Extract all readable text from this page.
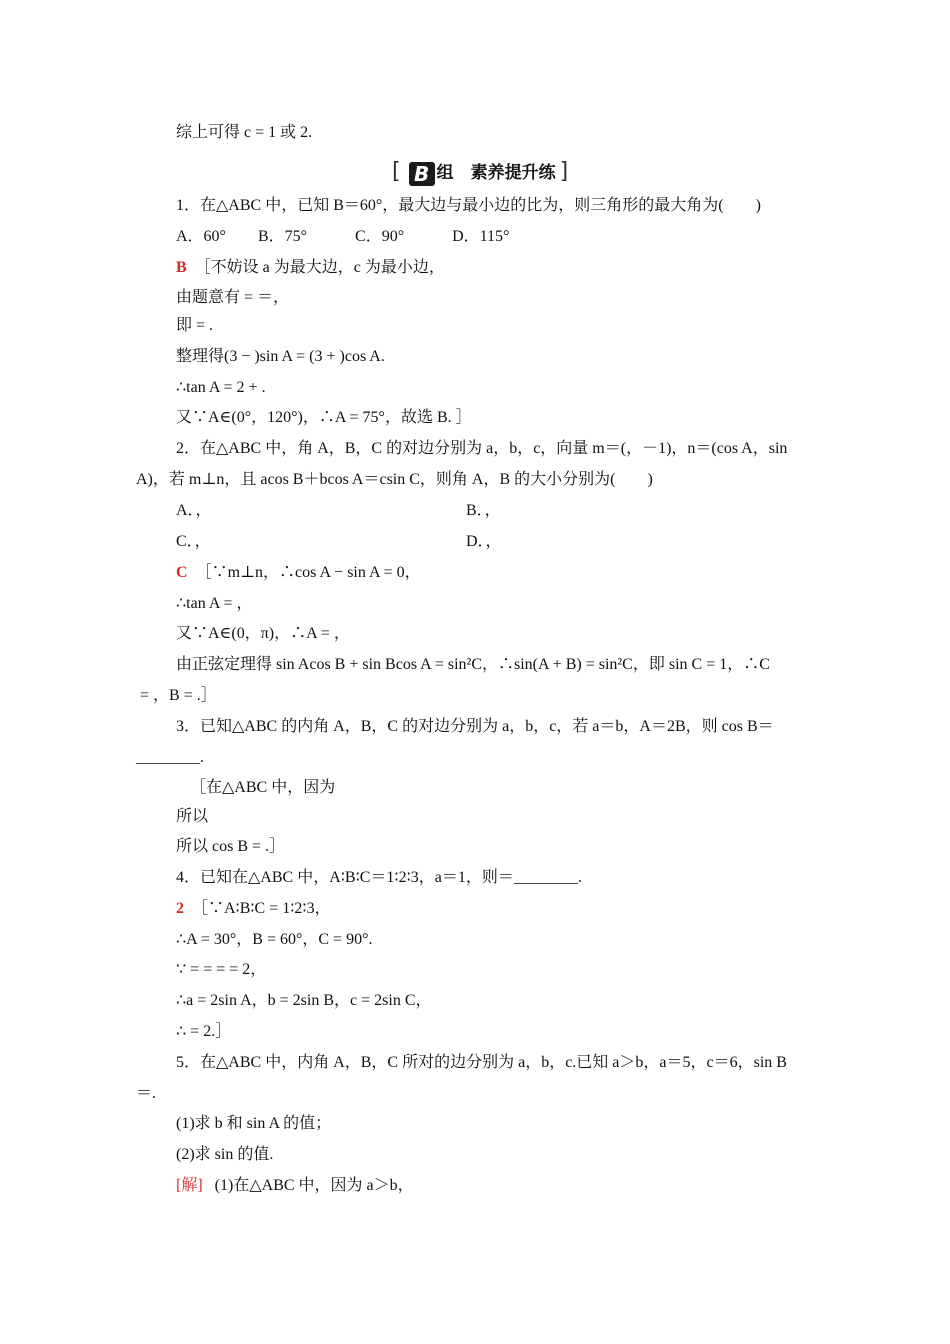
综上可得 c = 1 或 2.
[ B 组　素养提升练 ]
1．在△ABC 中，已知 B＝60°，最大边与最小边的比为，则三角形的最大角为(　　)
A．60°　　B．75°　　　C．90°　　　D．115°
B ［不妨设 a 为最大边，c 为最小边，
由题意有 = ＝，
即 = .
整理得(3 − )sin A = (3 + )cos A.
∴tan A = 2 + .
又∵A∈(0°，120°)，∴A = 75°，故选 B. ］
2．在△ABC 中，角 A，B，C 的对边分别为 a，b，c，向量 m＝(，－1)，n＝(cos A，sin
A)，若 m⊥n，且 acos B＋bcos A＝csin C，则角 A，B 的大小分别为(　　)
A．，	B．，
C．，	D．，
C ［∵m⊥n，∴cos A − sin A = 0，
∴tan A = ，
又∵A∈(0，π)，∴A = ，
由正弦定理得 sin Acos B + sin Bcos A = sin²C，∴sin(A + B) = sin²C，即 sin C = 1，∴C
= ，B = .］
3．已知△ABC 的内角 A，B，C 的对边分别为 a，b，c，若 a＝b，A＝2B，则 cos B＝
________.
［在△ABC 中，因为
所以
所以 cos B = .］
4．已知在△ABC 中，A∶B∶C＝1∶2∶3，a＝1，则＝________.
2 ［∵A∶B∶C = 1∶2∶3，
∴A = 30°，B = 60°，C = 90°.
∵ = = = = 2，
∴a = 2sin A，b = 2sin B，c = 2sin C，
∴ = 2.］
5．在△ABC 中，内角 A，B，C 所对的边分别为 a，b，c.已知 a＞b，a＝5，c＝6，sin B
＝.
(1)求 b 和 sin A 的值；
(2)求 sin 的值.
[解] (1)在△ABC 中，因为 a＞b，
